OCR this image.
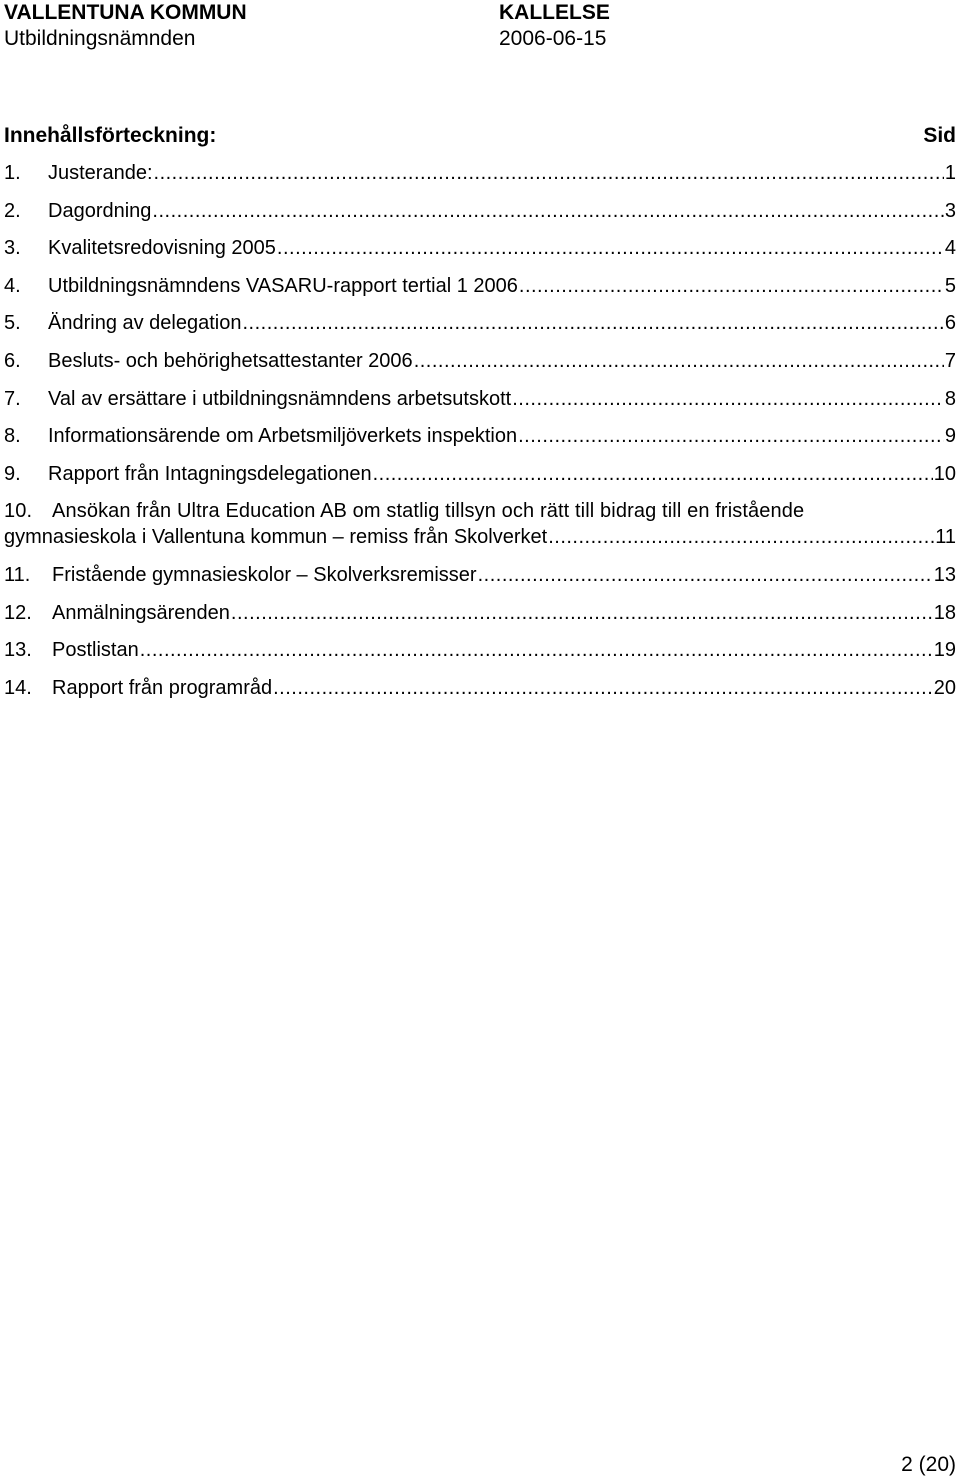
VALLENTUNA KOMMUN
Utbildningsnämnden
KALLELSE
2006-06-15
Innehållsförteckning:	Sid
1.	Justerande: .....	1
2.	Dagordning .....	3
3.	Kvalitetsredovisning 2005 .....	4
4.	Utbildningsnämndens VASARU-rapport tertial 1 2006 .....	5
5.	Ändring av delegation .....	6
6.	Besluts- och behörighetsattestanter 2006 .....	7
7.	Val av ersättare i utbildningsnämndens arbetsutskott .....	8
8.	Informationsärende om Arbetsmiljöverkets inspektion .....	9
9.	Rapport från Intagningsdelegationen .....	10
10. Ansökan från Ultra Education AB om statlig tillsyn och rätt till bidrag till en fristående
gymnasieskola i Vallentuna kommun – remiss från Skolverket .....	11
11.	Fristående gymnasieskolor – Skolverksremisser .....	13
12.	Anmälningsärenden .....	18
13.	Postlistan .....	19
14.	Rapport från programråd .....	20
2 (20)
